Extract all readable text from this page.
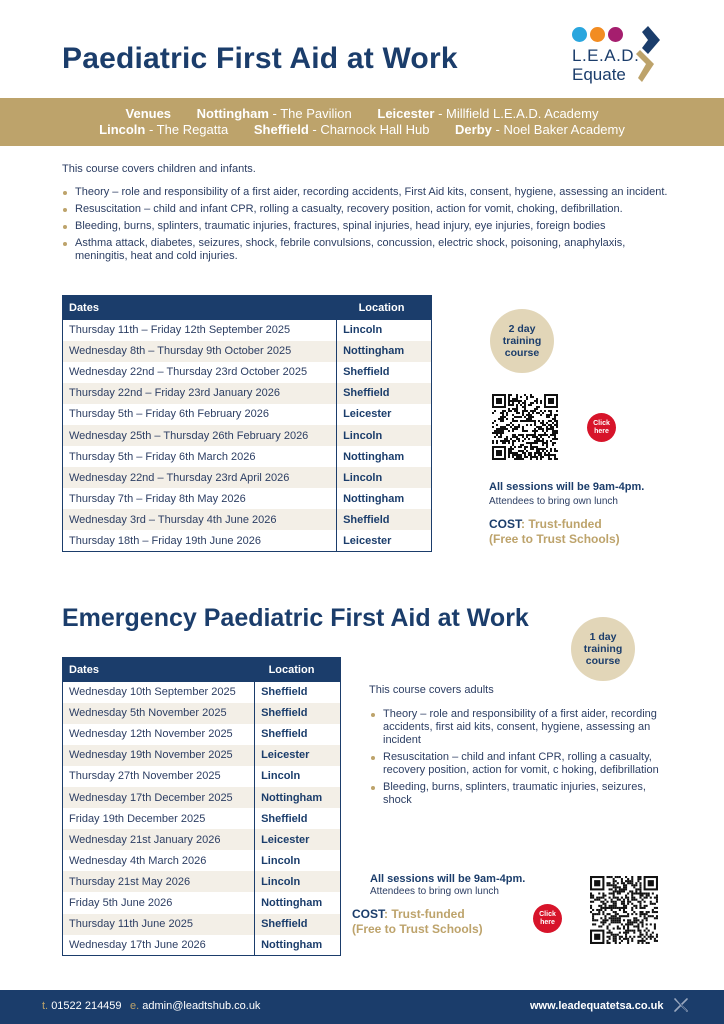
Paediatric First Aid at Work	L.E.A.D.
Equate
Venues Nottingham - The Pavilion Leicester - Millfield L.E.A.D. Academy
Lincoln - The Regatta Sheffield - Charnock Hall Hub Derby - Noel Baker Academy
This course covers children and infants.
Theory – role and responsibility of a first aider, recording accidents, First Aid kits, consent, hygiene, assessing an incident.
Resuscitation – child and infant CPR, rolling a casualty, recovery position, action for vomit, choking, defibrillation.
Bleeding, burns, splinters, traumatic injuries, fractures, spinal injuries, head injury, eye injuries, foreign bodies
Asthma attack, diabetes, seizures, shock, febrile convulsions, concussion, electric shock, poisoning, anaphylaxis, meningitis, heat and cold injuries.
Dates	Location
Thursday 11th – Friday 12th September 2025	Lincoln
Wednesday 8th – Thursday 9th October 2025	Nottingham
Wednesday 22nd – Thursday 23rd October 2025	Sheffield
Thursday 22nd – Friday 23rd January 2026	Sheffield
Thursday 5th – Friday 6th February 2026	Leicester
Wednesday 25th – Thursday 26th February 2026	Lincoln
Thursday 5th – Friday 6th March 2026	Nottingham
Wednesday 22nd – Thursday 23rd April 2026	Lincoln
Thursday 7th – Friday 8th May 2026	Nottingham
Wednesday 3rd – Thursday 4th June 2026	Sheffield
Thursday 18th – Friday 19th June 2026	Leicester
2 day
training
course
Click
here
All sessions will be 9am-4pm.
Attendees to bring own lunch
COST: Trust-funded
(Free to Trust Schools)
Emergency Paediatric First Aid at Work
1 day
training
course
Dates	Location
Wednesday 10th September 2025	Sheffield
Wednesday 5th November 2025	Sheffield
Wednesday 12th November 2025	Sheffield
Wednesday 19th November 2025	Leicester
Thursday 27th November 2025	Lincoln
Wednesday 17th December 2025	Nottingham
Friday 19th December 2025	Sheffield
Wednesday 21st January 2026	Leicester
Wednesday 4th March 2026	Lincoln
Thursday 21st May 2026	Lincoln
Friday 5th June 2026	Nottingham
Thursday 11th June 2025	Sheffield
Wednesday 17th June 2026	Nottingham
This course covers adults
Theory – role and responsibility of a first aider, recording accidents, first aid kits, consent, hygiene, assessing an incident
Resuscitation – child and infant CPR, rolling a casualty, recovery position, action for vomit, c hoking, defibrillation
Bleeding, burns, splinters, traumatic injuries, seizures, shock
All sessions will be 9am-4pm.
Attendees to bring own lunch
COST: Trust-funded
(Free to Trust Schools)
Click
here
t. 01522 214459 e. admin@leadtshub.co.uk	www.leadequatetsa.co.uk
